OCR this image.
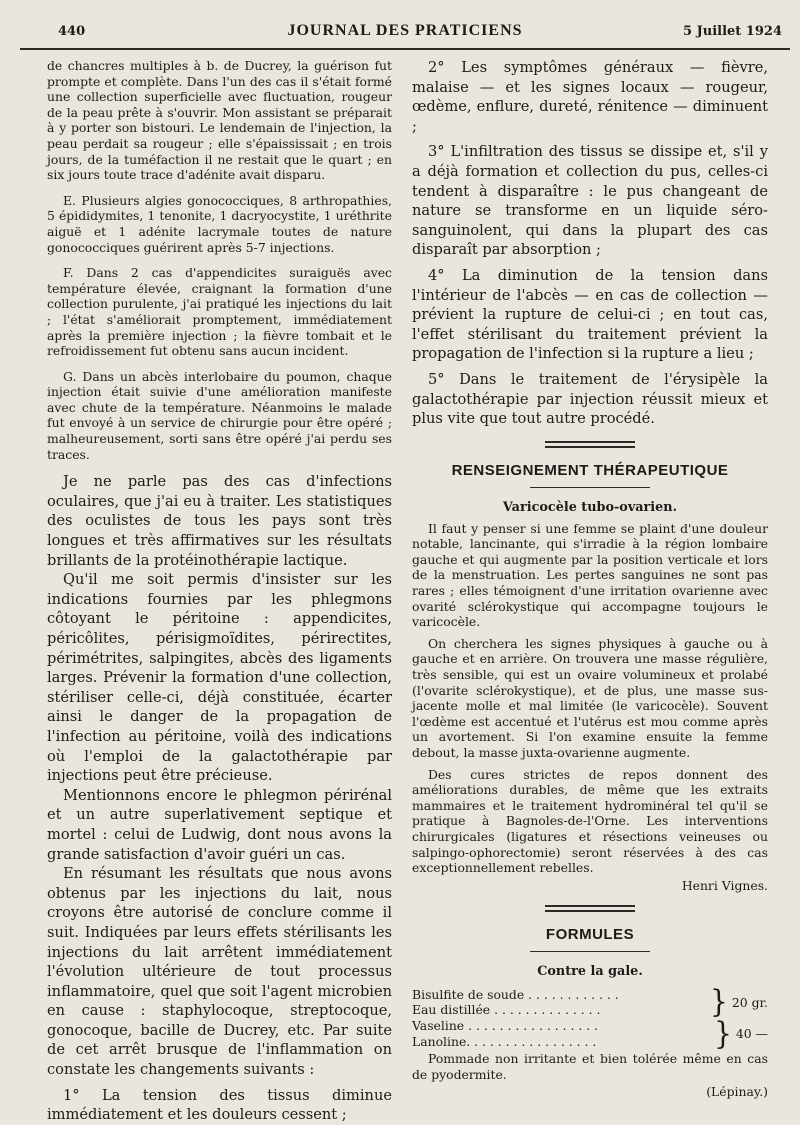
440	JOURNAL DES PRATICIENS	5 Juillet 1924

de chancres multiples à b. de Ducrey, la guérison fut prompte et complète. Dans l'un des cas il s'était formé une collection superficielle avec fluctuation, rougeur de la peau prête à s'ouvrir. Mon assistant se préparait à y porter son bistouri. Le lendemain de l'injection, la peau perdait sa rougeur ; elle s'épaississait ; en trois jours, de la tuméfaction il ne restait que le quart ; en six jours toute trace d'adénite avait disparu.

E. Plusieurs algies gonococciques, 8 arthropathies, 5 épididymites, 1 tenonite, 1 dacryocystite, 1 uréthrite aiguë et 1 adénite lacrymale toutes de nature gonococciques guérirent après 5-7 injections.

F. Dans 2 cas d'appendicites suraiguës avec température élevée, craignant la formation d'une collection purulente, j'ai pratiqué les injections du lait ; l'état s'améliorait promptement, immédiatement après la première injection ; la fièvre tombait et le refroidissement fut obtenu sans aucun incident.

G. Dans un abcès interlobaire du poumon, chaque injection était suivie d'une amélioration manifeste avec chute de la température. Néanmoins le malade fut envoyé à un service de chirurgie pour être opéré ; malheureusement, sorti sans être opéré j'ai perdu ses traces.

Je ne parle pas des cas d'infections oculaires, que j'ai eu à traiter. Les statistiques des oculistes de tous les pays sont très longues et très affirmatives sur les résultats brillants de la protéinothérapie lactique.

Qu'il me soit permis d'insister sur les indications fournies par les phlegmons côtoyant le péritoine : appendicites, péricôlites, périsigmoïdites, périrectites, périmétrites, salpingites, abcès des ligaments larges. Prévenir la formation d'une collection, stériliser celle-ci, déjà constituée, écarter ainsi le danger de la propagation de l'infection au péritoine, voilà des indications où l'emploi de la galactothérapie par injections peut être précieuse.

Mentionnons encore le phlegmon périrénal et un autre superlativement septique et mortel : celui de Ludwig, dont nous avons la grande satisfaction d'avoir guéri un cas.

En résumant les résultats que nous avons obtenus par les injections du lait, nous croyons être autorisé de conclure comme il suit. Indiquées par leurs effets stérilisants les injections du lait arrêtent immédiatement l'évolution ultérieure de tout processus inflammatoire, quel que soit l'agent microbien en cause : staphylocoque, streptocoque, gonocoque, bacille de Ducrey, etc. Par suite de cet arrêt brusque de l'inflammation on constate les changements suivants :

1° La tension des tissus diminue immédiatement et les douleurs cessent ;

2° Les symptômes généraux — fièvre, malaise — et les signes locaux — rougeur, œdème, enflure, dureté, rénitence — diminuent ;

3° L'infiltration des tissus se dissipe et, s'il y a déjà formation et collection du pus, celles-ci tendent à disparaître : le pus changeant de nature se transforme en un liquide séro-sanguinolent, qui dans la plupart des cas disparaît par absorption ;

4° La diminution de la tension dans l'intérieur de l'abcès — en cas de collection — prévient la rupture de celui-ci ; en tout cas, l'effet stérilisant du traitement prévient la propagation de l'infection si la rupture a lieu ;

5° Dans le traitement de l'érysipèle la galactothérapie par injection réussit mieux et plus vite que tout autre procédé.

RENSEIGNEMENT THÉRAPEUTIQUE
Varicocèle tubo-ovarien.

Il faut y penser si une femme se plaint d'une douleur notable, lancinante, qui s'irradie à la région lombaire gauche et qui augmente par la position verticale et lors de la menstruation. Les pertes sanguines ne sont pas rares ; elles témoignent d'une irritation ovarienne avec ovarité sclérokystique qui accompagne toujours le varicocèle.

On cherchera les signes physiques à gauche ou à gauche et en arrière. On trouvera une masse régulière, très sensible, qui est un ovaire volumineux et prolabé (l'ovarite sclérokystique), et de plus, une masse sus-jacente molle et mal limitée (le varicocèle). Souvent l'œdème est accentué et l'utérus est mou comme après un avortement. Si l'on examine ensuite la femme debout, la masse juxta-ovarienne augmente.

Des cures strictes de repos donnent des améliorations durables, de même que les extraits mammaires et le traitement hydrominéral tel qu'il se pratique à Bagnoles-de-l'Orne. Les interventions chirurgicales (ligatures et résections veineuses ou salpingo-ophorectomie) seront réservées à des cas exceptionnellement rebelles.

Henri Vignes.
FORMULES
Contre la gale.
Bisulfite de soude . . . . . . . . . . . .
Eau distillée . . . . . . . . . . . . . .	} 20 gr.
Vaseline . . . . . . . . . . . . . . . . .
Lanoline. . . . . . . . . . . . . . . . .	} 40 —

Pommade non irritante et bien tolérée même en cas de pyodermite.

(Lépinay.)
